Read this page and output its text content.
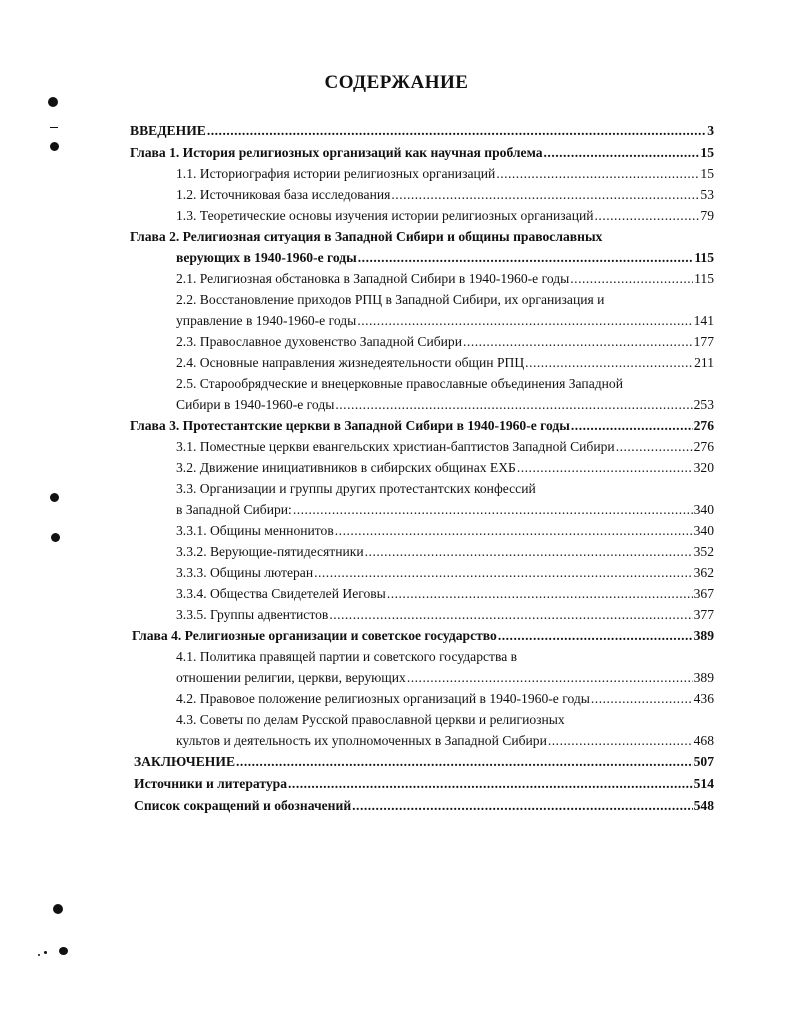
СОДЕРЖАНИЕ
ВВЕДЕНИЕ .....	3
Глава 1. История религиозных организаций как научная проблема .....	15
1.1. Историография истории религиозных организаций .....	15
1.2. Источниковая база исследования .....	53
1.3. Теоретические основы изучения истории религиозных организаций .....	79
Глава 2. Религиозная ситуация в Западной Сибири и общины православных
верующих в 1940-1960-е годы .....	115
2.1. Религиозная обстановка в Западной Сибири в 1940-1960-е годы .....	115
2.2. Восстановление приходов РПЦ в Западной Сибири, их организация и
управление в 1940-1960-е годы .....	141
2.3. Православное духовенство Западной Сибири .....	177
2.4. Основные направления жизнедеятельности общин РПЦ .....	211
2.5. Старообрядческие и внецерковные православные объединения Западной
Сибири в 1940-1960-е годы .....	253
Глава 3. Протестантские церкви в Западной Сибири в 1940-1960-е годы .....	276
3.1. Поместные церкви евангельских христиан-баптистов Западной Сибири .....	276
3.2. Движение инициативников в сибирских общинах ЕХБ .....	320
3.3. Организации и группы других протестантских конфессий
в Западной Сибири: .....	340
3.3.1. Общины меннонитов .....	340
3.3.2. Верующие-пятидесятники .....	352
3.3.3. Общины лютеран .....	362
3.3.4. Общества Свидетелей Иеговы .....	367
3.3.5. Группы адвентистов .....	377
Глава 4. Религиозные организации и советское государство .....	389
4.1. Политика правящей партии и советского государства в
отношении религии, церкви, верующих .....	389
4.2. Правовое положение религиозных организаций в 1940-1960-е годы .....	436
4.3. Советы по делам Русской православной церкви и религиозных
культов и деятельность их уполномоченных в Западной Сибири .....	468
ЗАКЛЮЧЕНИЕ .....	507
Источники и литература .....	514
Список сокращений и обозначений .....	548
